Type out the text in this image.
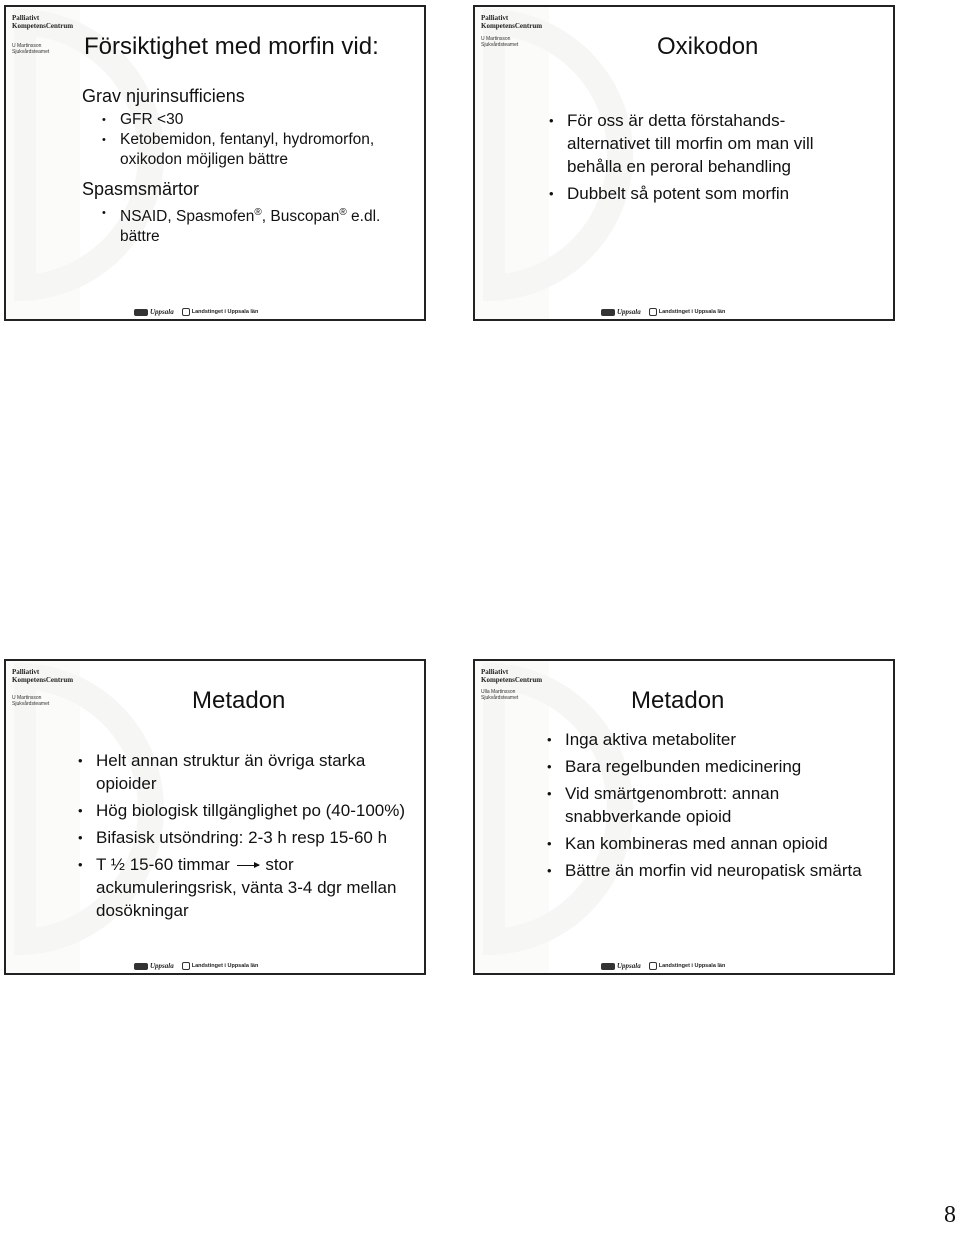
Palliativt
KompetensCentrum
U Martinsson
Sjukvårdsteamet Försiktighet med morfin vid:
Grav njurinsufficiens
• GFR <30
• Ketobemidon, fentanyl, hydromorfon, oxikodon möjligen bättre
Spasmsmärtor
• NSAID, Spasmofen®, Buscopan® e.dl.
bättre
Uppsala	Landstinget i Uppsala län
Palliativt
KompetensCentrum
U Martinsson
Sjukvårdsteamet	Oxikodon
• För oss är detta förstahands-alternativet till morfin om man vill behålla en peroral behandling
• Dubbelt så potent som morfin
Uppsala	Landstinget i Uppsala län
Palliativt
KompetensCentrum
U Martinsson
Sjukvårdsteamet	Metadon
• Helt annan struktur än övriga starka opioider
• Hög biologisk tillgänglighet po (40-100%)
• Bifasisk utsöndring: 2-3 h resp 15-60 h
• T ½ 15-60 timmar stor ackumuleringsrisk, vänta 3-4 dgr mellan dosökningar
Uppsala	Landstinget i Uppsala län
Palliativt
KompetensCentrum
Ulla Martinsson
Sjukvårdsteamet	Metadon
• Inga aktiva metaboliter
• Bara regelbunden medicinering
• Vid smärtgenombrott: annan snabbverkande opioid
• Kan kombineras med annan opioid
• Bättre än morfin vid neuropatisk smärta
Uppsala	Landstinget i Uppsala län
8
